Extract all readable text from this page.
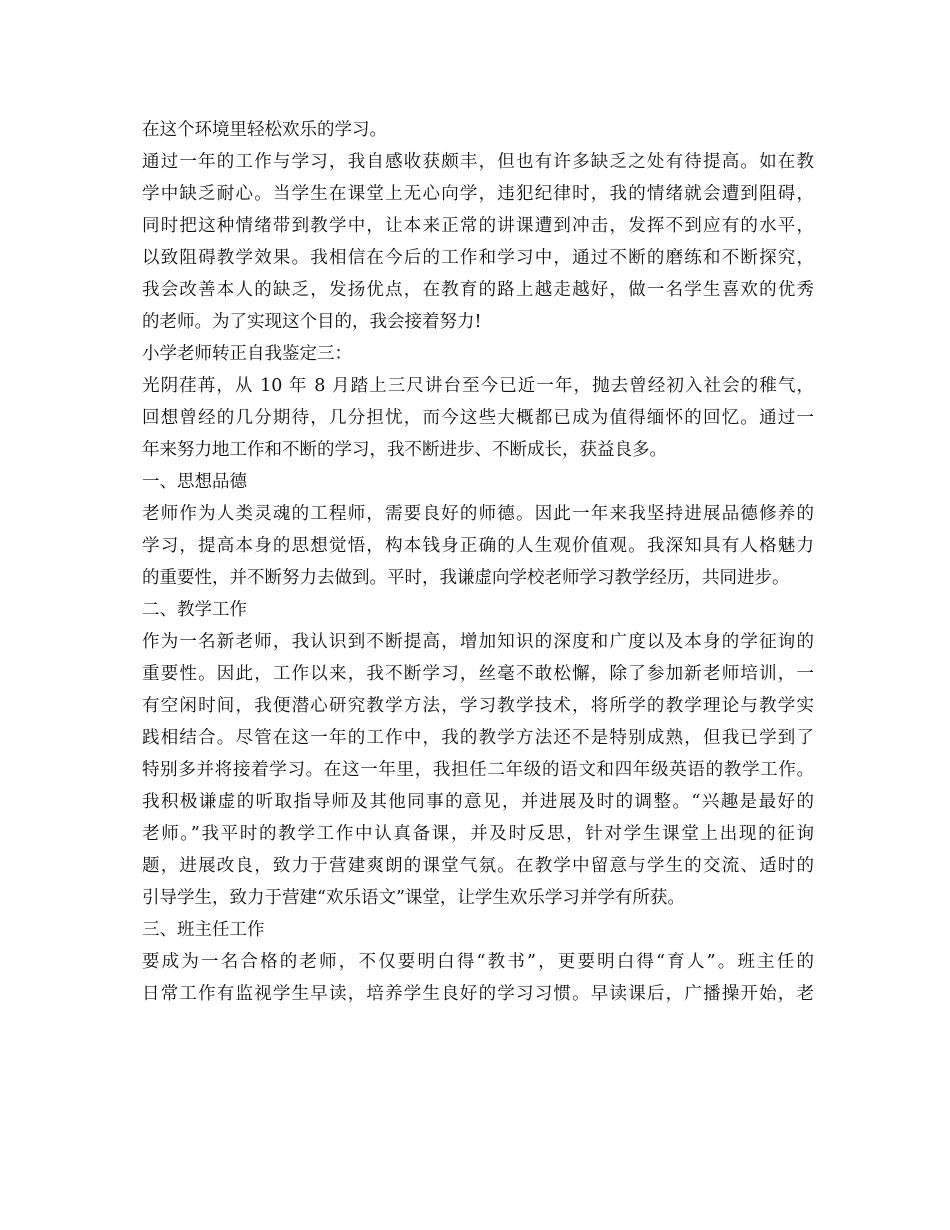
在这个环境里轻松欢乐的学习。
通过一年的工作与学习，我自感收获颇丰，但也有许多缺乏之处有待提高。如在教
学中缺乏耐心。当学生在课堂上无心向学，违犯纪律时，我的情绪就会遭到阻碍，
同时把这种情绪带到教学中，让本来正常的讲课遭到冲击，发挥不到应有的水平，
以致阻碍教学效果。我相信在今后的工作和学习中，通过不断的磨练和不断探究，
我会改善本人的缺乏，发扬优点，在教育的路上越走越好，做一名学生喜欢的优秀
的老师。为了实现这个目的，我会接着努力!
小学老师转正自我鉴定三：
光阴荏苒，从 10 年 8 月踏上三尺讲台至今已近一年，抛去曾经初入社会的稚气，
回想曾经的几分期待，几分担忧，而今这些大概都已成为值得缅怀的回忆。通过一
年来努力地工作和不断的学习，我不断进步、不断成长，获益良多。
一、思想品德
老师作为人类灵魂的工程师，需要良好的师德。因此一年来我坚持进展品德修养的
学习，提高本身的思想觉悟，构本钱身正确的人生观价值观。我深知具有人格魅力
的重要性，并不断努力去做到。平时，我谦虚向学校老师学习教学经历，共同进步。
二、教学工作
作为一名新老师，我认识到不断提高，增加知识的深度和广度以及本身的学征询的
重要性。因此，工作以来，我不断学习，丝毫不敢松懈，除了参加新老师培训，一
有空闲时间，我便潜心研究教学方法，学习教学技术，将所学的教学理论与教学实
践相结合。尽管在这一年的工作中，我的教学方法还不是特别成熟，但我已学到了
特别多并将接着学习。在这一年里，我担任二年级的语文和四年级英语的教学工作。
我积极谦虚的听取指导师及其他同事的意见，并进展及时的调整。“兴趣是最好的
老师。”我平时的教学工作中认真备课，并及时反思，针对学生课堂上出现的征询
题，进展改良，致力于营建爽朗的课堂气氛。在教学中留意与学生的交流、适时的
引导学生，致力于营建“欢乐语文”课堂，让学生欢乐学习并学有所获。
三、班主任工作
要成为一名合格的老师，不仅要明白得“教书”，更要明白得“育人”。班主任的
日常工作有监视学生早读，培养学生良好的学习习惯。早读课后，广播操开始，老
